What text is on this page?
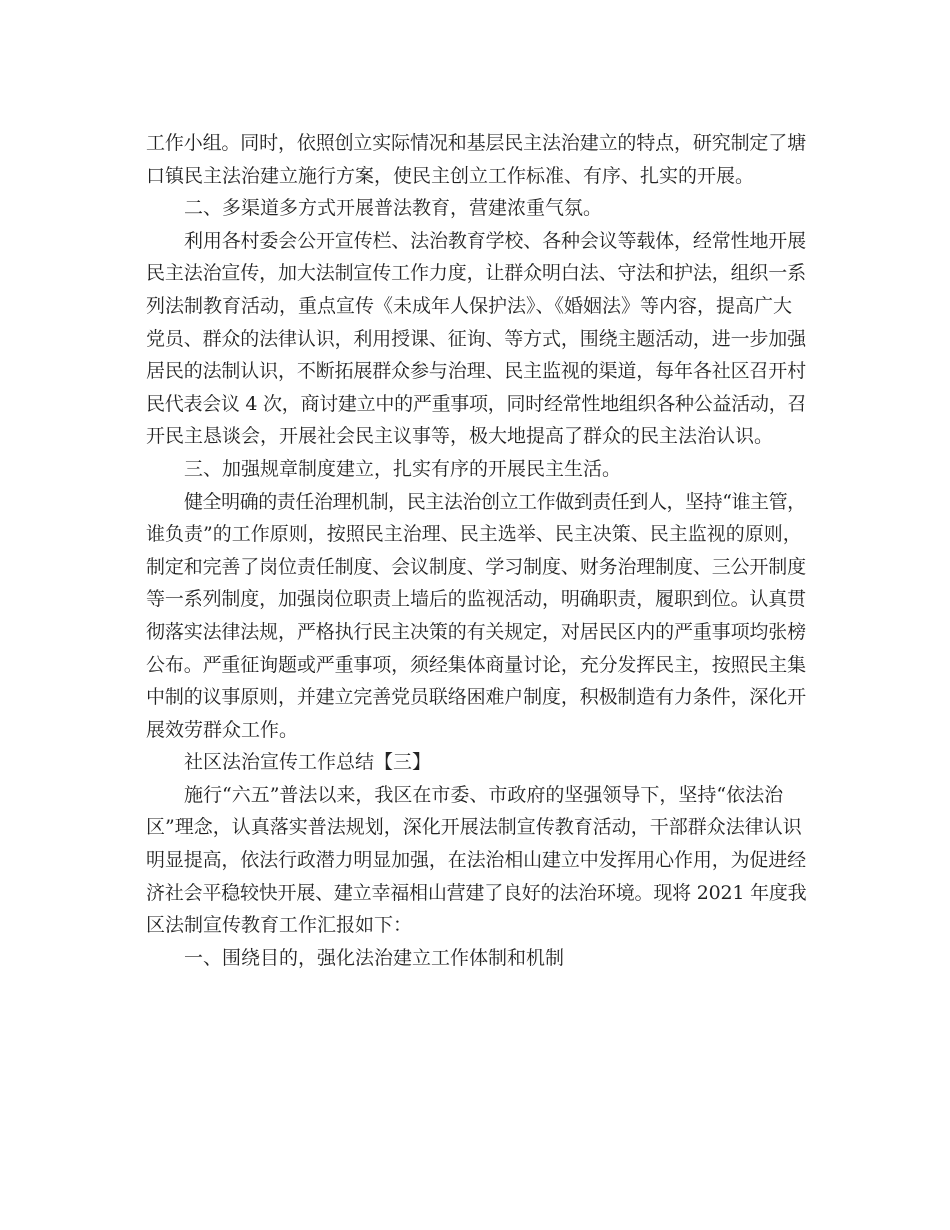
工作小组。同时，依照创立实际情况和基层民主法治建立的特点，研究制定了塘
口镇民主法治建立施行方案，使民主创立工作标准、有序、扎实的开展。
二、多渠道多方式开展普法教育，营建浓重气氛。
利用各村委会公开宣传栏、法治教育学校、各种会议等载体，经常性地开展
民主法治宣传，加大法制宣传工作力度，让群众明白法、守法和护法，组织一系
列法制教育活动，重点宣传《未成年人保护法》、《婚姻法》等内容，提高广大
党员、群众的法律认识，利用授课、征询、等方式，围绕主题活动，进一步加强
居民的法制认识，不断拓展群众参与治理、民主监视的渠道，每年各社区召开村
民代表会议 4 次，商讨建立中的严重事项，同时经常性地组织各种公益活动，召
开民主恳谈会，开展社会民主议事等，极大地提高了群众的民主法治认识。
三、加强规章制度建立，扎实有序的开展民主生活。
健全明确的责任治理机制，民主法治创立工作做到责任到人，坚持“谁主管，
谁负责”的工作原则，按照民主治理、民主选举、民主决策、民主监视的原则，
制定和完善了岗位责任制度、会议制度、学习制度、财务治理制度、三公开制度
等一系列制度，加强岗位职责上墙后的监视活动，明确职责，履职到位。认真贯
彻落实法律法规，严格执行民主决策的有关规定，对居民区内的严重事项均张榜
公布。严重征询题或严重事项，须经集体商量讨论，充分发挥民主，按照民主集
中制的议事原则，并建立完善党员联络困难户制度，积极制造有力条件，深化开
展效劳群众工作。
社区法治宣传工作总结【三】
施行“六五”普法以来，我区在市委、市政府的坚强领导下，坚持“依法治
区”理念，认真落实普法规划，深化开展法制宣传教育活动，干部群众法律认识
明显提高，依法行政潜力明显加强，在法治相山建立中发挥用心作用，为促进经
济社会平稳较快开展、建立幸福相山营建了良好的法治环境。现将 2021 年度我
区法制宣传教育工作汇报如下：
一、围绕目的，强化法治建立工作体制和机制
